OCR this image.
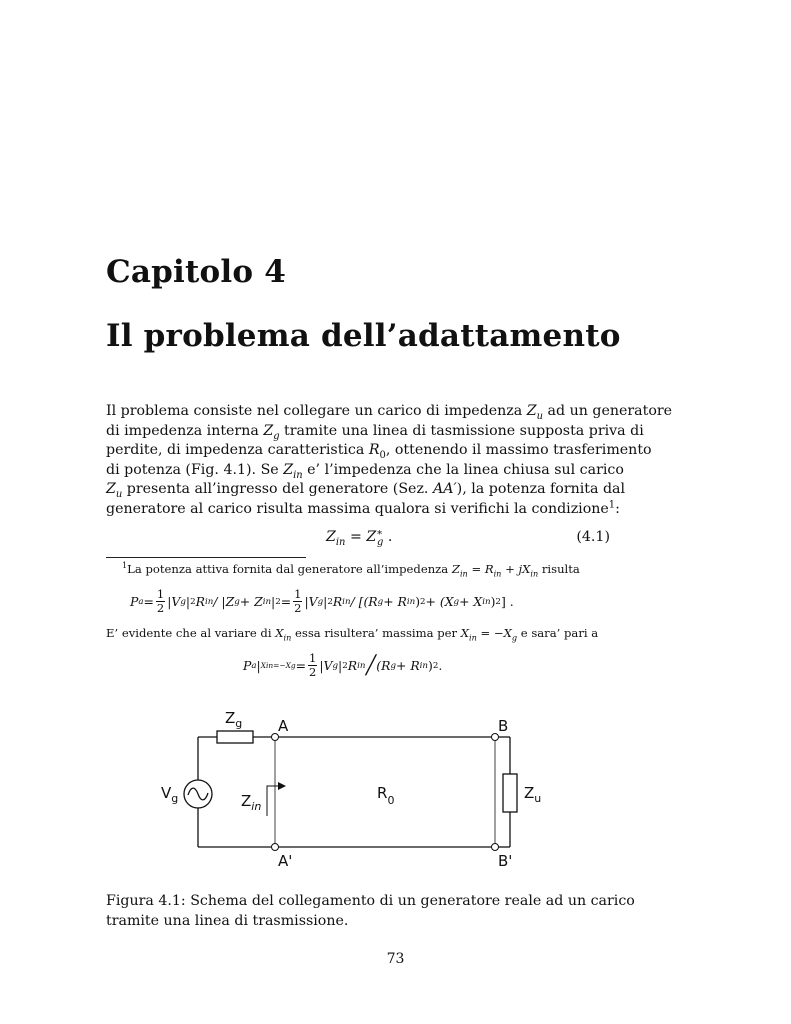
Capitolo 4
Il problema dell’adattamento
Il problema consiste nel collegare un carico di impedenza $Z_u$ ad un generatore
di impedenza interna $Z_g$ tramite una linea di tasmissione supposta priva di
perdite, di impedenza caratteristica $R_0$, ottenendo il massimo trasferimento
di potenza (Fig. 4.1). Se $Z_{in}$ e’ l’impedenza che la linea chiusa sul carico
$Z_u$ presenta all’ingresso del generatore (Sez. AA′), la potenza fornita dal
generatore al carico risulta massima qualora si verifichi la condizione$^1$:
$Z_{in} = Z^∗_g$ .	(4.1)
$^1$La potenza attiva fornita dal generatore all’impedenza $Z_{in} = R_{in} + jX_{in}$ risulta
P $a = \frac{1}{2} |V$ g | 2 R in / |Z g + Z in | $2 = \frac{1}{2} |V$ g | 2 R in / [(R g + R in ) 2 + (X g + X in ) 2 ] .
E’ evidente che al variare di $X_{in}$ essa risultera’ massima per $X_{in} = -X_g$ e sara’ pari a
P a | $Xin=-Xg = \frac{1}{2} |V$ g | 2 R in ╱ (R g + R in ) 2 .
$Z_g$ A	B
A'	B'
$V_g$	$Z_{in}$
$R_0$	$Z_u$
Figura 4.1: Schema del collegamento di un generatore reale ad un carico
tramite una linea di trasmissione.
73
